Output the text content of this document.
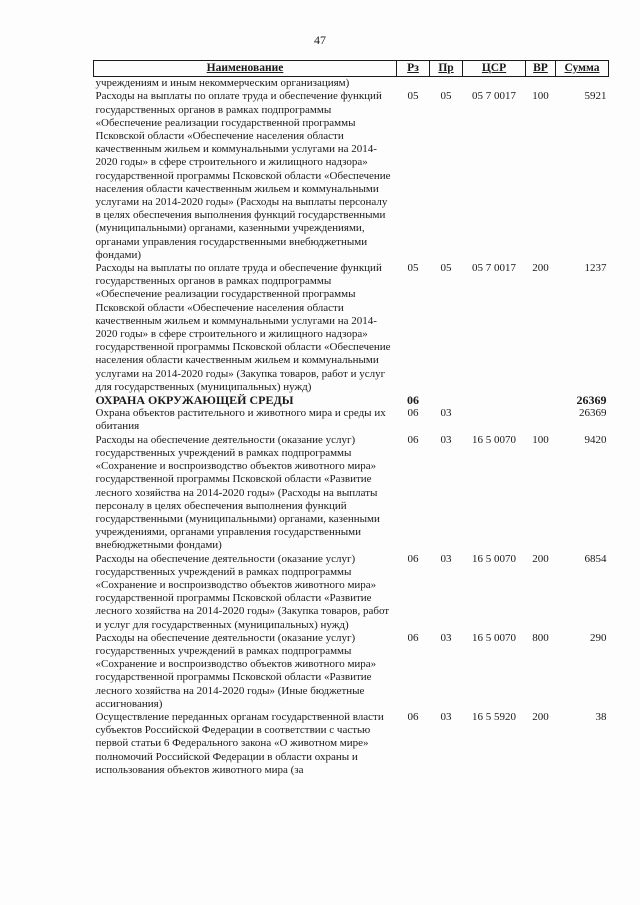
47
Наименование	Рз	Пр	ЦСР	ВР	Сумма
учреждениям и иным некоммерческим организациям)					
Расходы на выплаты по оплате труда и обеспечение функций государственных органов в рамках подпрограммы «Обеспечение реализации государственной программы Псковской области «Обеспечение населения области качественным жильем и коммунальными услугами на 2014-2020 годы» в сфере строительного и жилищного надзора» государственной программы Псковской области «Обеспечение населения области качественным жильем и коммунальными услугами на 2014-2020 годы» (Расходы на выплаты персоналу в целях обеспечения выполнения функций государственными (муниципальными) органами, казенными учреждениями, органами управления государственными внебюджетными фондами)	05	05	05 7 0017	100	5921
Расходы на выплаты по оплате труда и обеспечение функций государственных органов в рамках подпрограммы «Обеспечение реализации государственной программы Псковской области «Обеспечение населения области качественным жильем и коммунальными услугами на 2014-2020 годы» в сфере строительного и жилищного надзора» государственной программы Псковской области «Обеспечение населения области качественным жильем и коммунальными услугами на 2014-2020 годы» (Закупка товаров, работ и услуг для государственных (муниципальных) нужд)	05	05	05 7 0017	200	1237
ОХРАНА ОКРУЖАЮЩЕЙ СРЕДЫ	06				26369
Охрана объектов растительного и животного мира и среды их обитания	06	03			26369
Расходы на обеспечение деятельности (оказание услуг) государственных учреждений в рамках подпрограммы «Сохранение и воспроизводство объектов животного мира» государственной программы Псковской области «Развитие лесного хозяйства на 2014-2020 годы» (Расходы на выплаты персоналу в целях обеспечения выполнения функций государственными (муниципальными) органами, казенными учреждениями, органами управления государственными внебюджетными фондами)	06	03	16 5 0070	100	9420
Расходы на обеспечение деятельности (оказание услуг) государственных учреждений в рамках подпрограммы «Сохранение и воспроизводство объектов животного мира» государственной программы Псковской области «Развитие лесного хозяйства на 2014-2020 годы» (Закупка товаров, работ и услуг для государственных (муниципальных) нужд)	06	03	16 5 0070	200	6854
Расходы на обеспечение деятельности (оказание услуг) государственных учреждений в рамках подпрограммы «Сохранение и воспроизводство объектов животного мира» государственной программы Псковской области «Развитие лесного хозяйства на 2014-2020 годы» (Иные бюджетные ассигнования)	06	03	16 5 0070	800	290
Осуществление переданных органам государственной власти субъектов Российской Федерации в соответствии с частью первой статьи 6 Федерального закона «О животном мире» полномочий Российской Федерации в области охраны и использования объектов животного мира (за	06	03	16 5 5920	200	38
